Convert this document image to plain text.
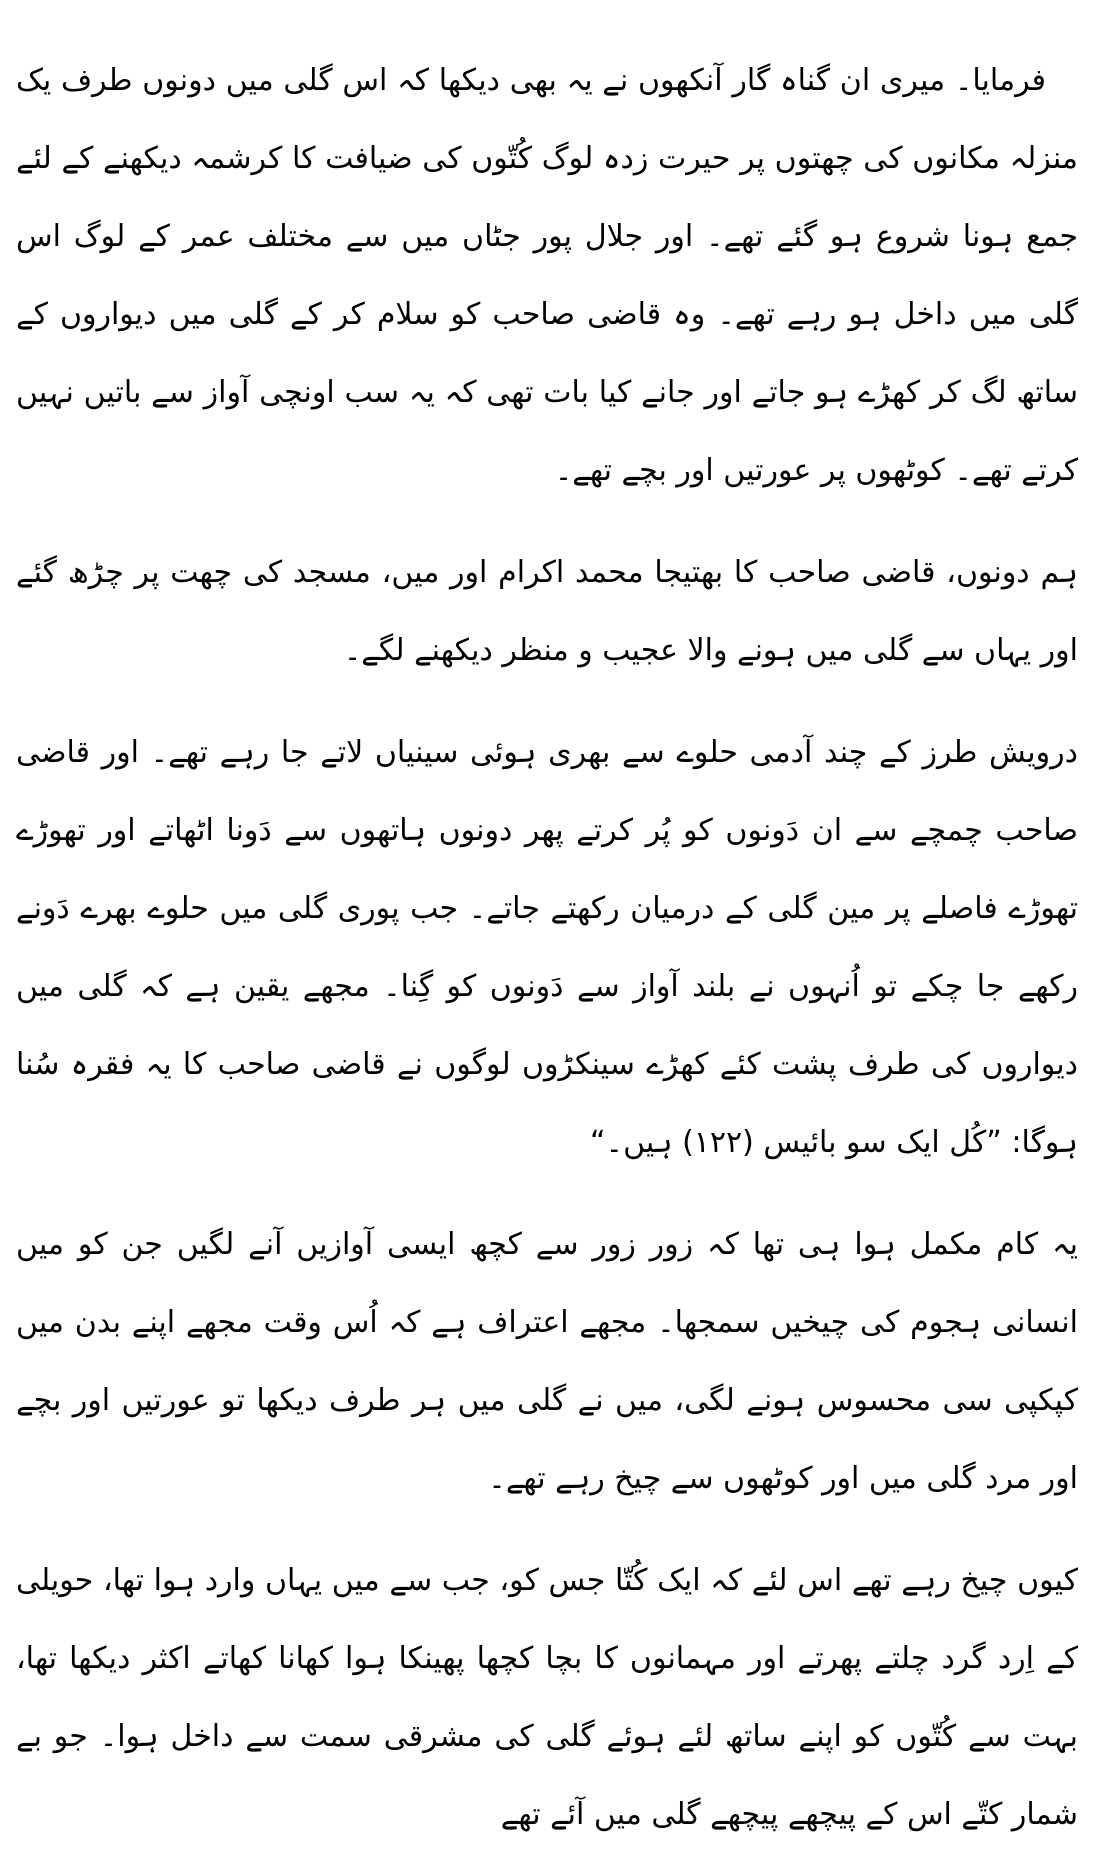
فرمایا۔ میری ان گناہ گار آنکھوں نے یہ بھی دیکھا کہ اس گلی میں دونوں طرف یک منزلہ مکانوں کی چھتوں پر حیرت زدہ لوگ کُتّوں کی ضیافت کا کرشمہ دیکھنے کے لئے جمع ہونا شروع ہو گئے تھے۔ اور جلال پور جٹاں میں سے مختلف عمر کے لوگ اس گلی میں داخل ہو رہے تھے۔ وہ قاضی صاحب کو سلام کر کے گلی میں دیواروں کے ساتھ لگ کر کھڑے ہو جاتے اور جانے کیا بات تھی کہ یہ سب اونچی آواز سے باتیں نہیں کرتے تھے۔ کوٹھوں پر عورتیں اور بچے تھے۔

ہم دونوں، قاضی صاحب کا بھتیجا محمد اکرام اور میں، مسجد کی چھت پر چڑھ گئے اور یہاں سے گلی میں ہونے والا عجیب و منظر دیکھنے لگے۔

درویش طرز کے چند آدمی حلوے سے بھری ہوئی سینیاں لاتے جا رہے تھے۔ اور قاضی صاحب چمچے سے ان دَونوں کو پُر کرتے پھر دونوں ہاتھوں سے دَونا اٹھاتے اور تھوڑے تھوڑے فاصلے پر مین گلی کے درمیان رکھتے جاتے۔ جب پوری گلی میں حلوے بھرے دَونے رکھے جا چکے تو اُنہوں نے بلند آواز سے دَونوں کو گِنا۔ مجھے یقین ہے کہ گلی میں دیواروں کی طرف پشت کئے کھڑے سینکڑوں لوگوں نے قاضی صاحب کا یہ فقرہ سُنا ہوگا: ”کُل ایک سو بائیس (۱۲۲) ہیں۔“

یہ کام مکمل ہوا ہی تھا کہ زور زور سے کچھ ایسی آوازیں آنے لگیں جن کو میں انسانی ہجوم کی چیخیں سمجھا۔ مجھے اعتراف ہے کہ اُس وقت مجھے اپنے بدن میں کپکپی سی محسوس ہونے لگی، میں نے گلی میں ہر طرف دیکھا تو عورتیں اور بچے اور مرد گلی میں اور کوٹھوں سے چیخ رہے تھے۔

کیوں چیخ رہے تھے اس لئے کہ ایک کُتّا جس کو، جب سے میں یہاں وارد ہوا تھا، حویلی کے اِرد گرد چلتے پھرتے اور مہمانوں کا بچا کچھا پھینکا ہوا کھانا کھاتے اکثر دیکھا تھا، بہت سے کُتّوں کو اپنے ساتھ لئے ہوئے گلی کی مشرقی سمت سے داخل ہوا۔ جو بے شمار کتّے اس کے پیچھے پیچھے گلی میں آئے تھے
